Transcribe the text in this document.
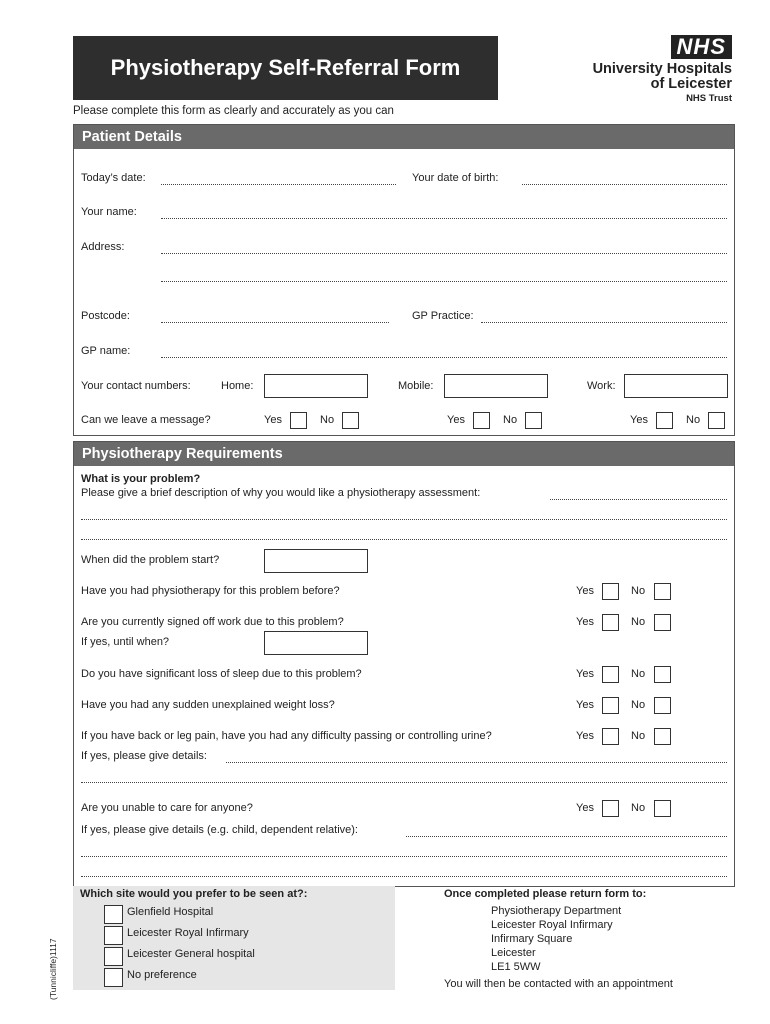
Physiotherapy Self-Referral Form
NHS
University Hospitals
of Leicester
NHS Trust
Please complete this form as clearly and accurately as you can
Patient Details
Today’s date:	Your date of birth:
Your name:
Address:
Postcode:	GP Practice:
GP name:
Your contact numbers:	Home:	Mobile:	Work:
Can we leave a message?	Yes	No	Yes	No	Yes	No
Physiotherapy Requirements
What is your problem?
Please give a brief description of why you would like a physiotherapy assessment:
When did the problem start?
Have you had physiotherapy for this problem before?	Yes	No
Are you currently signed off work due to this problem?	Yes	No
If yes, until when?
Do you have significant loss of sleep due to this problem?	Yes	No
Have you had any sudden unexplained weight loss?	Yes	No
If you have back or leg pain, have you had any difficulty passing or controlling urine?	Yes	No
If yes, please give details:
Are you unable to care for anyone?	Yes	No
If yes, please give details (e.g. child, dependent relative):
Which site would you prefer to be seen at?:
Glenfield Hospital
Leicester Royal Infirmary
Leicester General hospital
No preference
Once completed please return form to:
Physiotherapy Department
Leicester Royal Infirmary
Infirmary Square
Leicester
LE1 5WW
You will then be contacted with an appointment
(Tunnicliffe)1117
